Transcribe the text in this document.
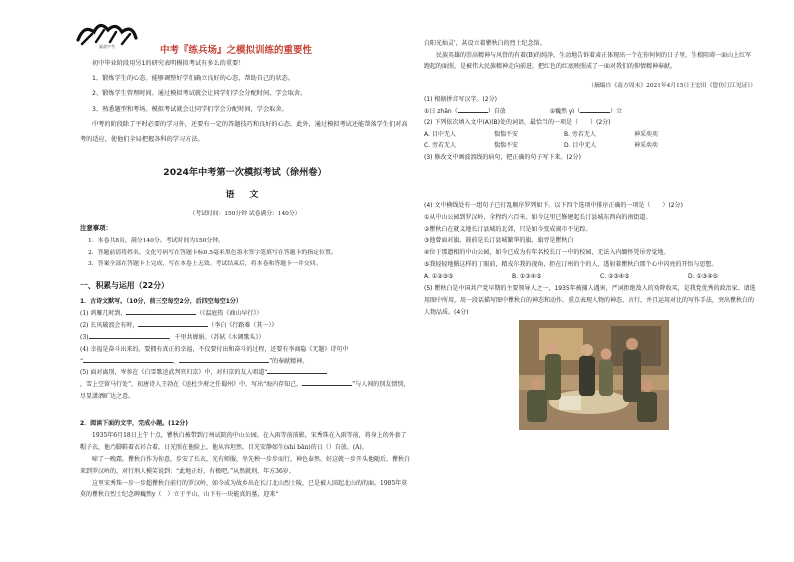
赢战中考	中考『练兵场』之模拟训练的重要性

初中毕业阶段用另1的研究表明模拟考试有多么的重要！

1、锻炼学生的心态。能够调整好学们确立良好的心态，帮助自己的状态。

2、锻炼学生管理时间。通过模拟考试就会让同学们学会分配时间，学会取舍。

3、熟悉题型和考场。模拟考试就会让同学们学会分配时间，学会取舍。

中考的阶段除了平时必要的学习外，还要有一定的答题技巧和良好的心态。此外，通过模拟考试还能帮落学生们对高考的适应，使他们全局把握各科的学习方法。

2024年中考第一次模拟考试（徐州卷）
语 文
（考试时间：150分钟 试卷满分：140分）
注意事项：

1．本卷共8页，满分140分。考试时间为150分钟。

2．答题前请将姓名、文化号码写在答题卡标0.5毫米黑色墨水签字笔填写在答题卡的指定位置。

3．答案全部在答题卡上完成，写在本卷上无效。考试结束后，将本卷和答题卡一并交回。

一、积累与运用（22分）
1．古诗文默写。（10分，前三空每空2分，后四空每空1分）
(1) 鸿雁几时到，	（《温庭筠《商山早行》）
(2) 长风破浪会有时，	（李白《行路难（其一）》
(3)	，千里共婵娟。（苏轼《水调歌头》）
(4) 幸福是奋斗出来的。要拥有真正的幸福，不仅要付出和奋斗的过程，还要有李商隐《无题》诗句中
“	，	”的奉献精神。
(5) 面对离别，岑参在《白雪歌送武判官归京》中，对归京的友人唱道“
，雪上空留马行处”，初唐诗人王勃在《送杜少府之任蜀州》中，写出“海内存知己，	”与人间的别友情别，尽显潇洒旷达之意。
2．阅读下面的文字，完成小题。(12分)

1935年6月18日上午十点，瞿秋白被带到汀州试院的中山公园。在入雨等前前影，宋秀珠在入雨等前，将身上的外套了帽子衣，他乃脚鞋着衣衫合着，日光照在他脸上，他从容坦然，目光安静如生(shí bān)的日（）自放。(A)。

啼了一晚霜，瞿秋白作为你意，步安了长衣，光有师服，坐先秧一步步而行，神色泰然。好这就一步开头他随后，瞿秋白来到罗汉岭的，对行刑人模笑说到：“此地正好，有极吧。”从然就刑，年方36岁。

这里宋秀珠一步一步超瞿秋白前行的罗汉岭，如今成为故乡出在长汀北山烈士陵，已是被人回起北山的的面。1985年莫莫的瞿秋白烈士纪念碑巍然y（　）立于平山，山下有一块能真的墓，迎来“

白阳光灿灵'，甚设立着瞿秋白的烈士纪念馆。

民族英雄的崇高精神与风骨的有着(B)的纯净。生动地告诉着肃正体现出一个在你何何的日子里，生根阻碍一面山上红军跑起的面照，是被伟大民族精神走向前进，把红色的红底映照成了一面对我们的仰情精神奉献。

（摘编自《南方周末》2021年4月15日王宏田《您仿汀江见证》）
(1) 根据拼音写汉字。(2分)
①日 zhān（	）自放	②巍然 yì（	）立
(2) 下列依次填入文中(A)(B)处的词语，最恰当的一项是（　　）(2分)
A. 目中无人	惴惴不安	B. 旁若无人	神采奕奕
C. 旁若无人	惴惴不安	D. 目中无人	神采奕奕
(3) 修改文中画波浪线的病句，把正确的句子写下来。(2分)
(4) 文中横线处有一组句子已打乱顺序罗列如下。以下四个选项中排序正确的一项是（　　）(2分)
①从中山公园到罗汉岭，全程约六百米。如今这里已修建起长汀县城东西向的南街道。
②瞿秋白在就义地长汀县城的北郊，只是如今变成闹市不见踪。
③他曾面对旗，鼓前是长汀县城繁华的旗，旗旁是瞿秋白
④位于那遗相的中山公园，如今已成为有年名校长汀一中的校园，无法入内缅怀凭吊旁觉地。
⑤我轻轻地循这样的丁眼前，精戎尔我的视角，拒在汀州的个的人，透射着瞿秋白那个心中闪亮的开悟与思想。
A. ①②③⑤	B. ①③④⑤	C. ②③④⑤	D. ①③④⑤
(5) 瞿秋白是中国共产党早期的主要领导人之一，1935年被捕人遇害，严词拒绝敌人的劝降收买，是我党优秀的政治家。请选用图中所用，用一段话描写图中瞿秋白的神态和动作，重点表现人物的神态、言行，并且运用对比的写作手法，突出瞿秋白的人物品质。(4分)
